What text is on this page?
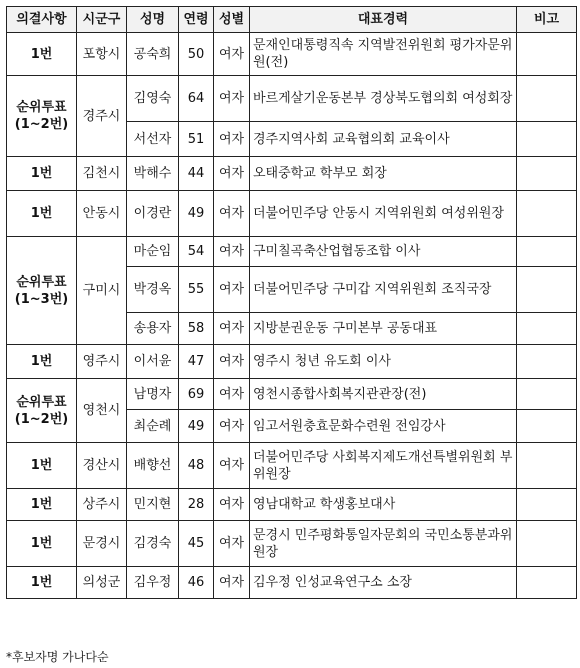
의결사항	시군구	성명	연령	성별	대표경력	비고
1번	포항시	공숙희	50	여자	문재인대통령직속 지역발전위원회 평가자문위원(전)	
순위투표 (1~2번)	경주시	김영숙	64	여자	바르게살기운동본부 경상북도협의회 여성회장	
		서선자	51	여자	경주지역사회 교육협의회 교육이사	
1번	김천시	박해수	44	여자	오태중학교 학부모 회장	
1번	안동시	이경란	49	여자	더불어민주당 안동시 지역위원회 여성위원장	
순위투표 (1~3번)	구미시	마순임	54	여자	구미칠곡축산업협동조합 이사	
		박경옥	55	여자	더불어민주당 구미갑 지역위원회 조직국장	
		송용자	58	여자	지방분권운동 구미본부 공동대표	
1번	영주시	이서윤	47	여자	영주시 청년 유도회 이사	
순위투표 (1~2번)	영천시	남명자	69	여자	영천시종합사회복지관관장(전)	
		최순례	49	여자	임고서원충효문화수련원 전임강사	
1번	경산시	배향선	48	여자	더불어민주당 사회복지제도개선특별위원회 부위원장	
1번	상주시	민지현	28	여자	영남대학교 학생홍보대사	
1번	문경시	김경숙	45	여자	문경시 민주평화통일자문회의 국민소통분과위원장	
1번	의성군	김우정	46	여자	김우정 인성교육연구소 소장	
*후보자명 가나다순
